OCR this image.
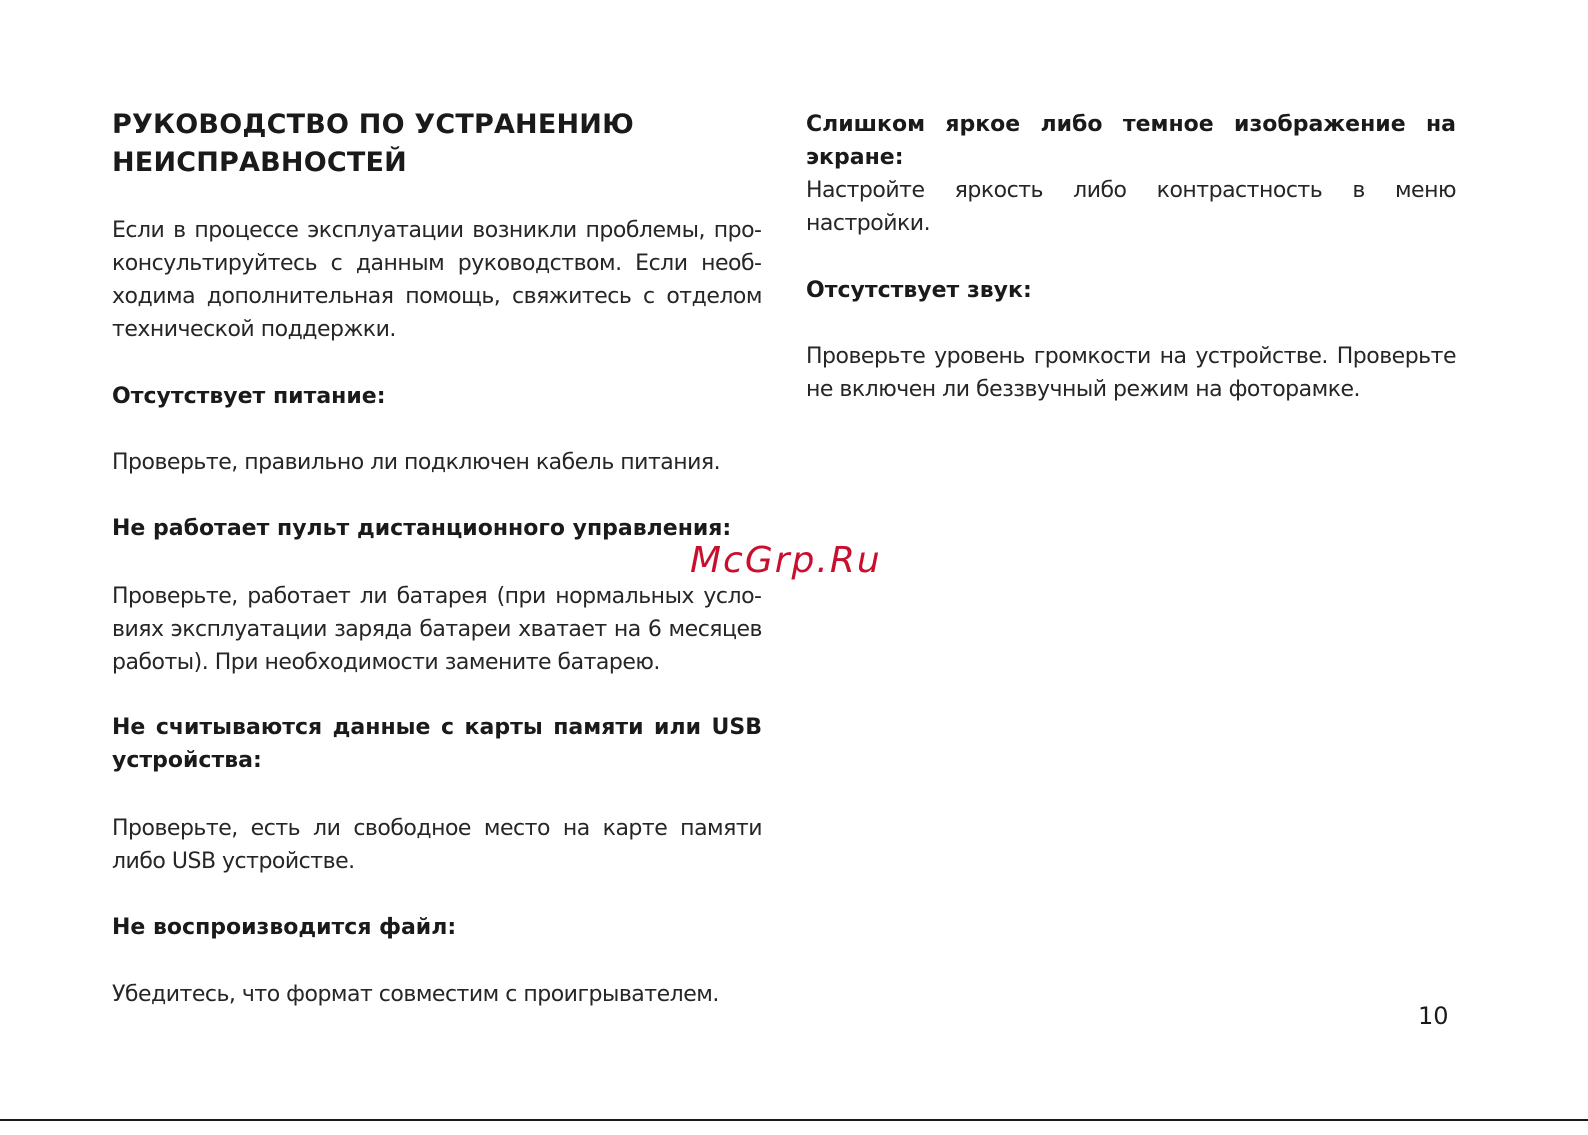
РУКОВОДСТВО ПО УСТРАНЕНИЮ НЕИСПРАВНОСТЕЙ

Если в процессе эксплуатации возникли проблемы, проконсультируйтесь с данным руководством. Если необходима дополнительная помощь, свяжитесь с отделом технической поддержки.

Отсутствует питание:

Проверьте, правильно ли подключен кабель питания.

Не работает пульт дистанционного управления:

Проверьте, работает ли батарея (при нормальных условиях эксплуатации заряда батареи хватает на 6 месяцев работы). При необходимости замените батарею.

Не считываются данные с карты памяти или USB устройства:

Проверьте, есть ли свободное место на карте памяти либо USB устройстве.

Не воспроизводится файл:

Убедитесь, что формат совместим с проигрывателем.

Слишком яркое либо темное изображение на экране:

Настройте яркость либо контрастность в меню настройки.

Отсутствует звук:

Проверьте уровень громкости на устройстве. Проверьте не включен ли беззвучный режим на фоторамке.

McGrp.Ru
10
